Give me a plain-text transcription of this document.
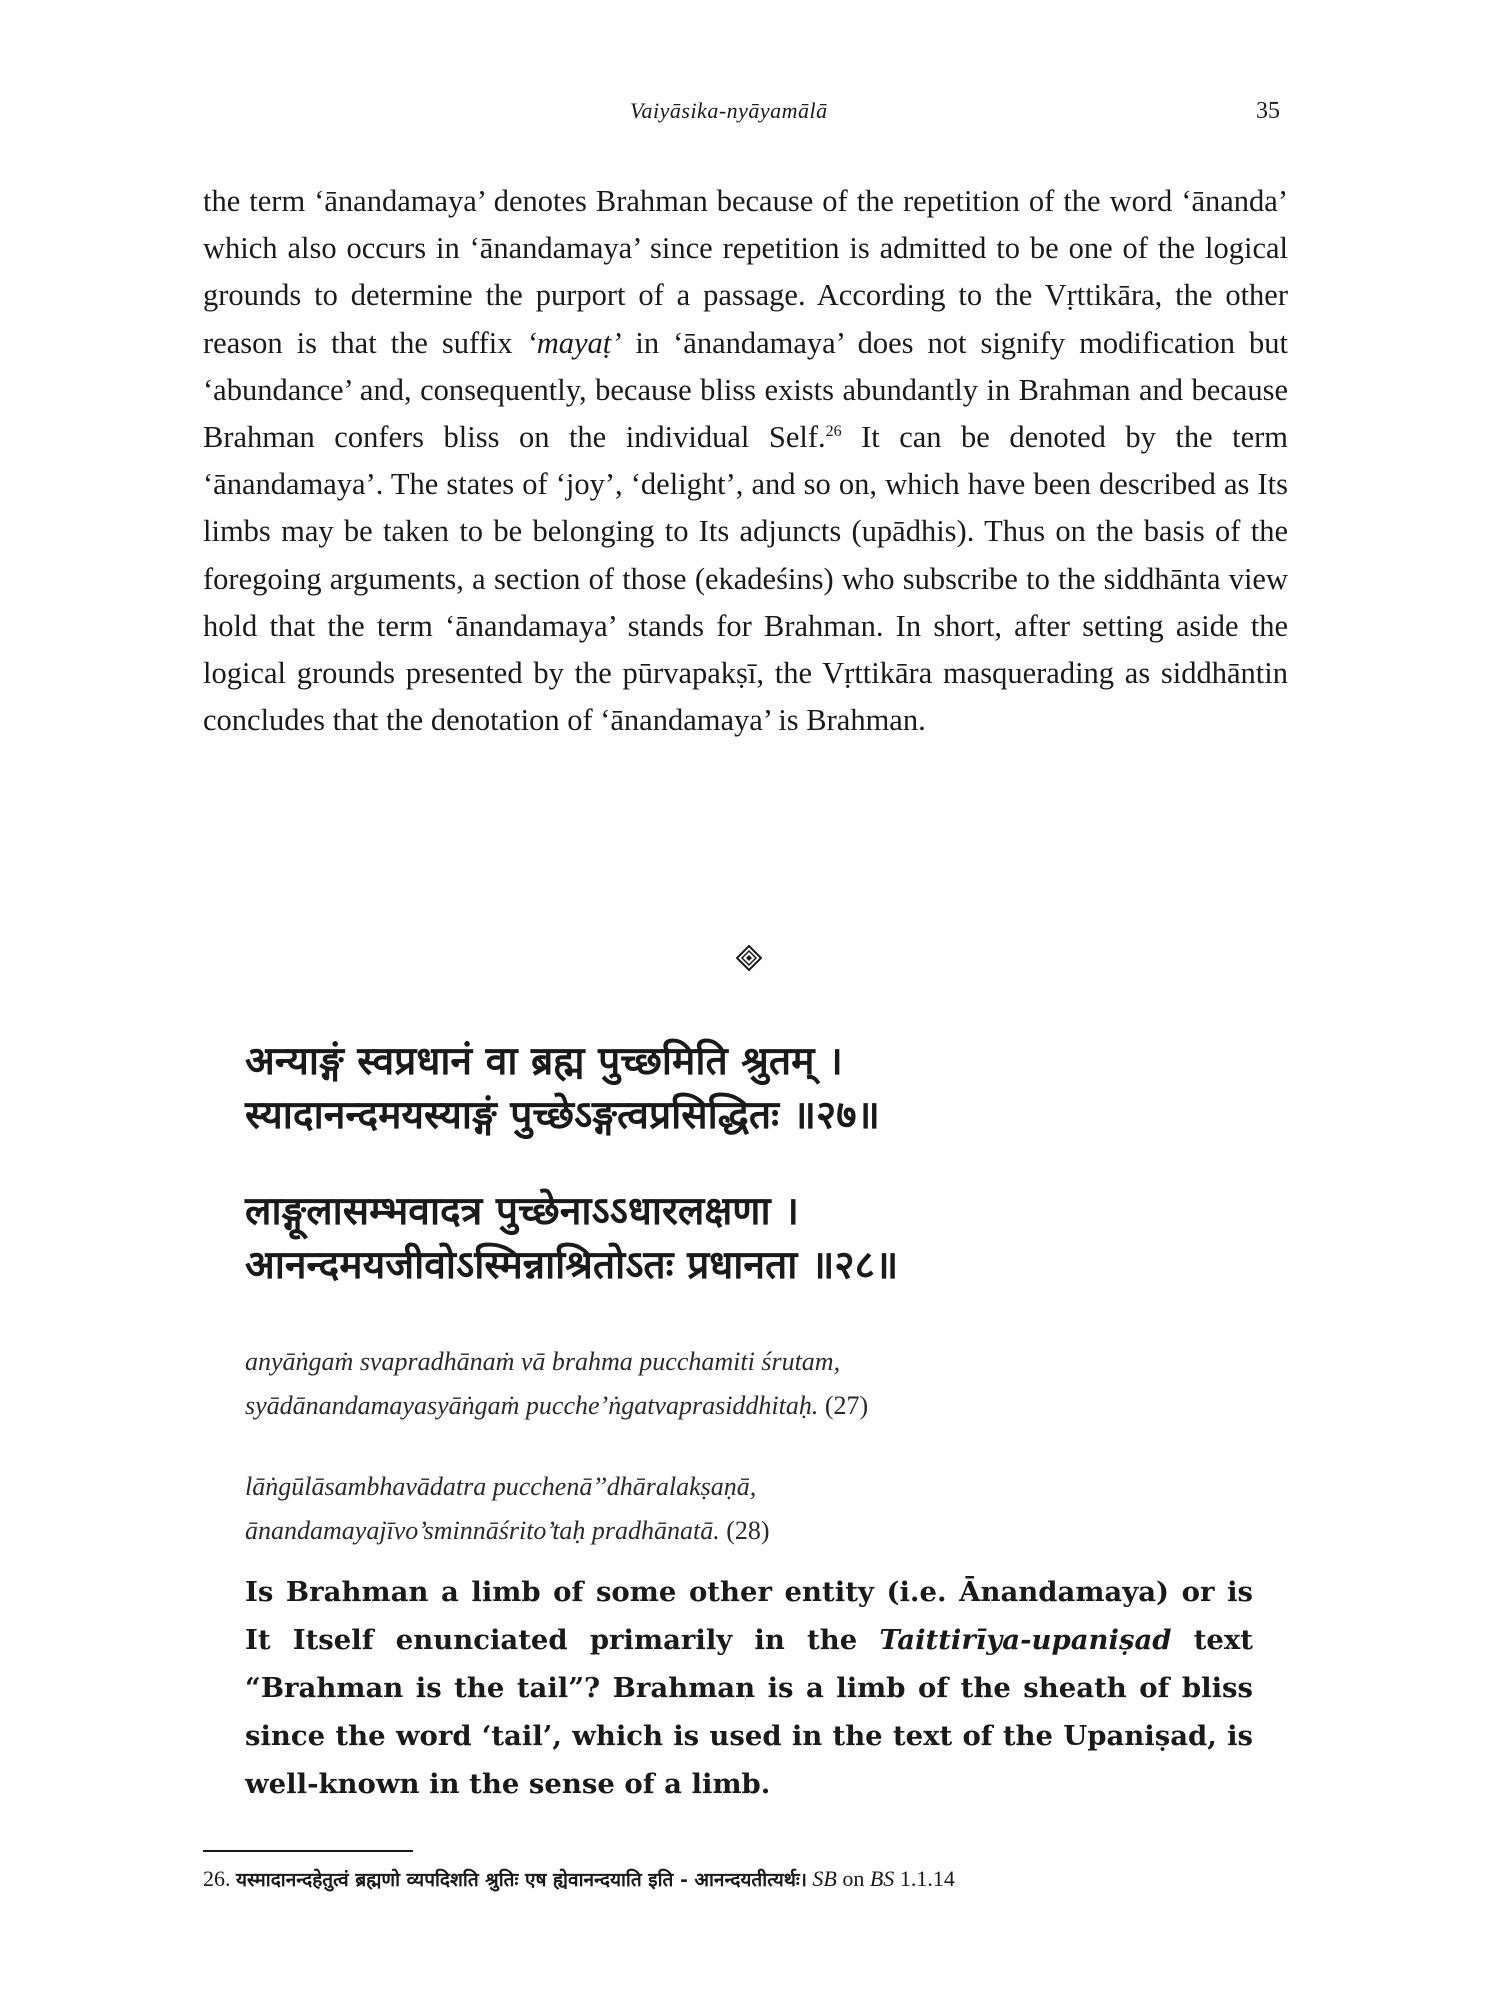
Vaiyāsika-nyāyamālā	35

the term ‘ānandamaya’ denotes Brahman because of the repetition of the word ‘ānanda’ which also occurs in ‘ānandamaya’ since repetition is admitted to be one of the logical grounds to determine the purport of a passage. According to the Vṛttikāra, the other reason is that the suffix ‘mayaṭ’ in ‘ānandamaya’ does not signify modification but ‘abundance’ and, consequently, because bliss exists abundantly in Brahman and because Brahman confers bliss on the individual Self.$^{26}$ It can be denoted by the term ‘ānandamaya’. The states of ‘joy’, ‘delight’, and so on, which have been described as Its limbs may be taken to be belonging to Its adjuncts (upādhis). Thus on the basis of the foregoing arguments, a section of those (ekadeśins) who subscribe to the siddhānta view hold that the term ‘ānandamaya’ stands for Brahman. In short, after setting aside the logical grounds presented by the pūrvapakṣī, the Vṛttikāra masquerading as siddhāntin concludes that the denotation of ‘ānandamaya’ is Brahman.

अन्याङ्गं स्वप्रधानं वा ब्रह्म पुच्छमिति श्रुतम् ।
स्यादानन्दमयस्याङ्गं पुच्छेऽङ्गत्वप्रसिद्धितः ॥२७॥
लाङ्गूलासम्भवादत्र पुच्छेनाऽऽधारलक्षणा ।
आनन्दमयजीवोऽस्मिन्नाश्रितोऽतः प्रधानता ॥२८॥
anyāṅgaṁ svapradhānaṁ vā brahma pucchamiti śrutam,
syādānandamayasyāṅgaṁ pucche’ṅgatvaprasiddhitaḥ. (27)
lāṅgūlāsambhavādatra pucchenā’’dhāralakṣaṇā,
ānandamayajīvo’sminnāśrito’taḥ pradhānatā. (28)

Is Brahman a limb of some other entity (i.e. Ānandamaya) or is It Itself enunciated primarily in the Taittirīya-upaniṣad text “Brahman is the tail”? Brahman is a limb of the sheath of bliss since the word ‘tail’, which is used in the text of the Upaniṣad, is well-known in the sense of a limb.

26. यस्मादानन्दहेतुत्वं ब्रह्मणो व्यपदिशति श्रुतिः एष ह्येवानन्दयाति इति - आनन्दयतीत्यर्थः। SB on BS 1.1.14
